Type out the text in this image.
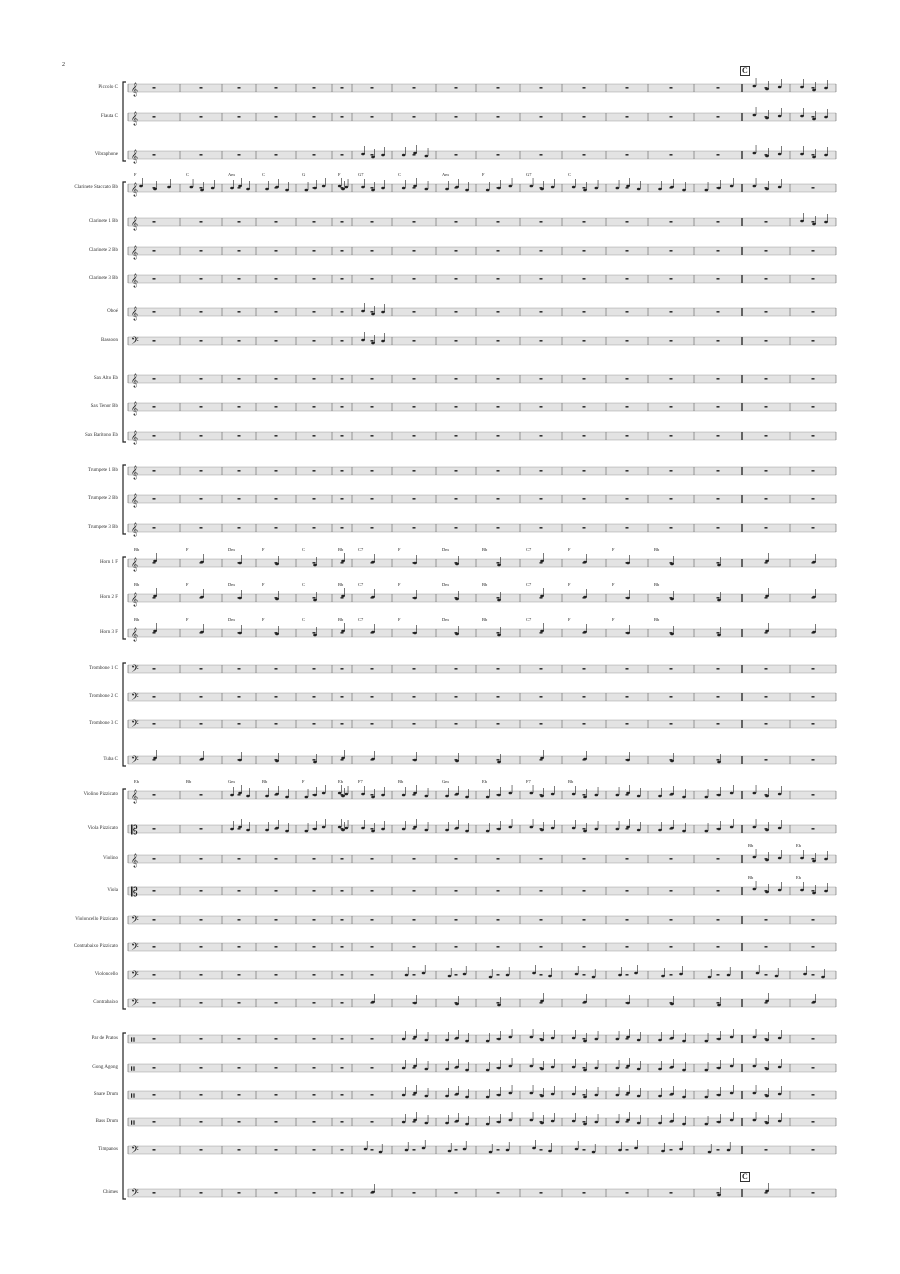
2
Piccolo C
Flauta C
Vibraphone
Clarinete Staccato Bb
Clarinete 1 Bb
Clarinete 2 Bb
Clarinete 3 Bb
Oboé
Bassoon
Sax Alto Eb
Sax Tenor Bb
Sax Barítono Eb
Trumpete 1 Bb
Trumpete 2 Bb
Trumpete 3 Bb
Horn 1 F
Horn 2 F
Horn 3 F
Trombone 1 C
Trombone 2 C
Trombone 3 C
Tuba C
Violino Pizzicato
Viola Pizzicato
Violino
Viola
Violoncello Pizzicato
Contrabaixo Pizzicato
Violoncello
Contrabaixo
Par de Pratos
Gong Agong
Snare Drum
Bass Drum
Timpanos
Chimes
𝄞
𝄞
𝄞
𝄞
𝄞
𝄞
𝄞
𝄞
𝄢
𝄞
𝄞
𝄞
𝄞
𝄞
𝄞
𝄞
𝄞
𝄞
𝄢
𝄢
𝄢
𝄢
𝄞
𝄡
𝄞
𝄡
𝄢
𝄢
𝄢
𝄢
𝄥
𝄥
𝄥
𝄥
𝄢
𝄢
F	C	Am	C	G	F	G7	C	Am	F	G7	C
Bb	F	Dm	F	C	Bb	C7	F	Dm	Bb	C7	F	F	Bb
Bb	F	Dm	F	C	Bb	C7	F	Dm	Bb	C7	F	F	Bb
Bb	F	Dm	F	C	Bb	C7	F	Dm	Bb	C7	F	F	Bb
Eb	Bb	Gm	Bb	F	Eb	F7	Bb	Gm	Eb	F7	Bb
Bb	Eb
Bb	Eb
C
C
